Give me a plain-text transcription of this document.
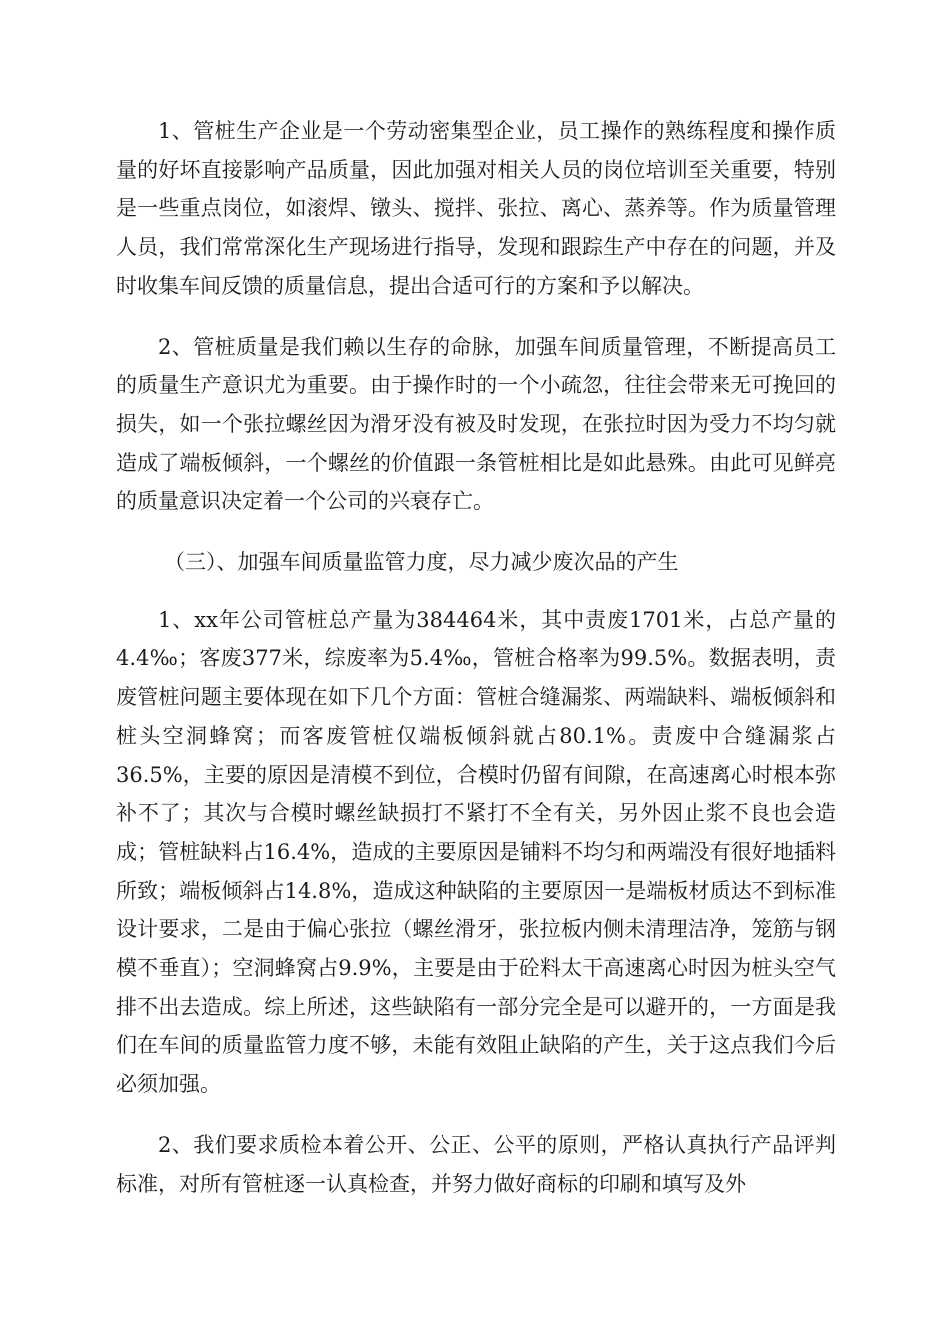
1、管桩生产企业是一个劳动密集型企业，员工操作的熟练程度和操作质量的好坏直接影响产品质量，因此加强对相关人员的岗位培训至关重要，特别是一些重点岗位，如滚焊、镦头、搅拌、张拉、离心、蒸养等。作为质量管理人员，我们常常深化生产现场进行指导，发现和跟踪生产中存在的问题，并及时收集车间反馈的质量信息，提出合适可行的方案和予以解决。

2、管桩质量是我们赖以生存的命脉，加强车间质量管理，不断提高员工的质量生产意识尤为重要。由于操作时的一个小疏忽，往往会带来无可挽回的损失，如一个张拉螺丝因为滑牙没有被及时发现，在张拉时因为受力不均匀就造成了端板倾斜，一个螺丝的价值跟一条管桩相比是如此悬殊。由此可见鲜亮的质量意识决定着一个公司的兴衰存亡。

（三）、加强车间质量监管力度，尽力减少废次品的产生

1、xx年公司管桩总产量为384464米，其中责废1701米，占总产量的4.4‰；客废377米，综废率为5.4‰，管桩合格率为99.5%。数据表明，责废管桩问题主要体现在如下几个方面：管桩合缝漏浆、两端缺料、端板倾斜和桩头空洞蜂窝；而客废管桩仅端板倾斜就占80.1%。责废中合缝漏浆占36.5%，主要的原因是清模不到位，合模时仍留有间隙，在高速离心时根本弥补不了；其次与合模时螺丝缺损打不紧打不全有关，另外因止浆不良也会造成；管桩缺料占16.4%，造成的主要原因是铺料不均匀和两端没有很好地插料所致；端板倾斜占14.8%，造成这种缺陷的主要原因一是端板材质达不到标准设计要求，二是由于偏心张拉（螺丝滑牙，张拉板内侧未清理洁净，笼筋与钢模不垂直）；空洞蜂窝占9.9%，主要是由于砼料太干高速离心时因为桩头空气排不出去造成。综上所述，这些缺陷有一部分完全是可以避开的，一方面是我们在车间的质量监管力度不够，未能有效阻止缺陷的产生，关于这点我们今后必须加强。

2、我们要求质检本着公开、公正、公平的原则，严格认真执行产品评判标准，对所有管桩逐一认真检查，并努力做好商标的印刷和填写及外
